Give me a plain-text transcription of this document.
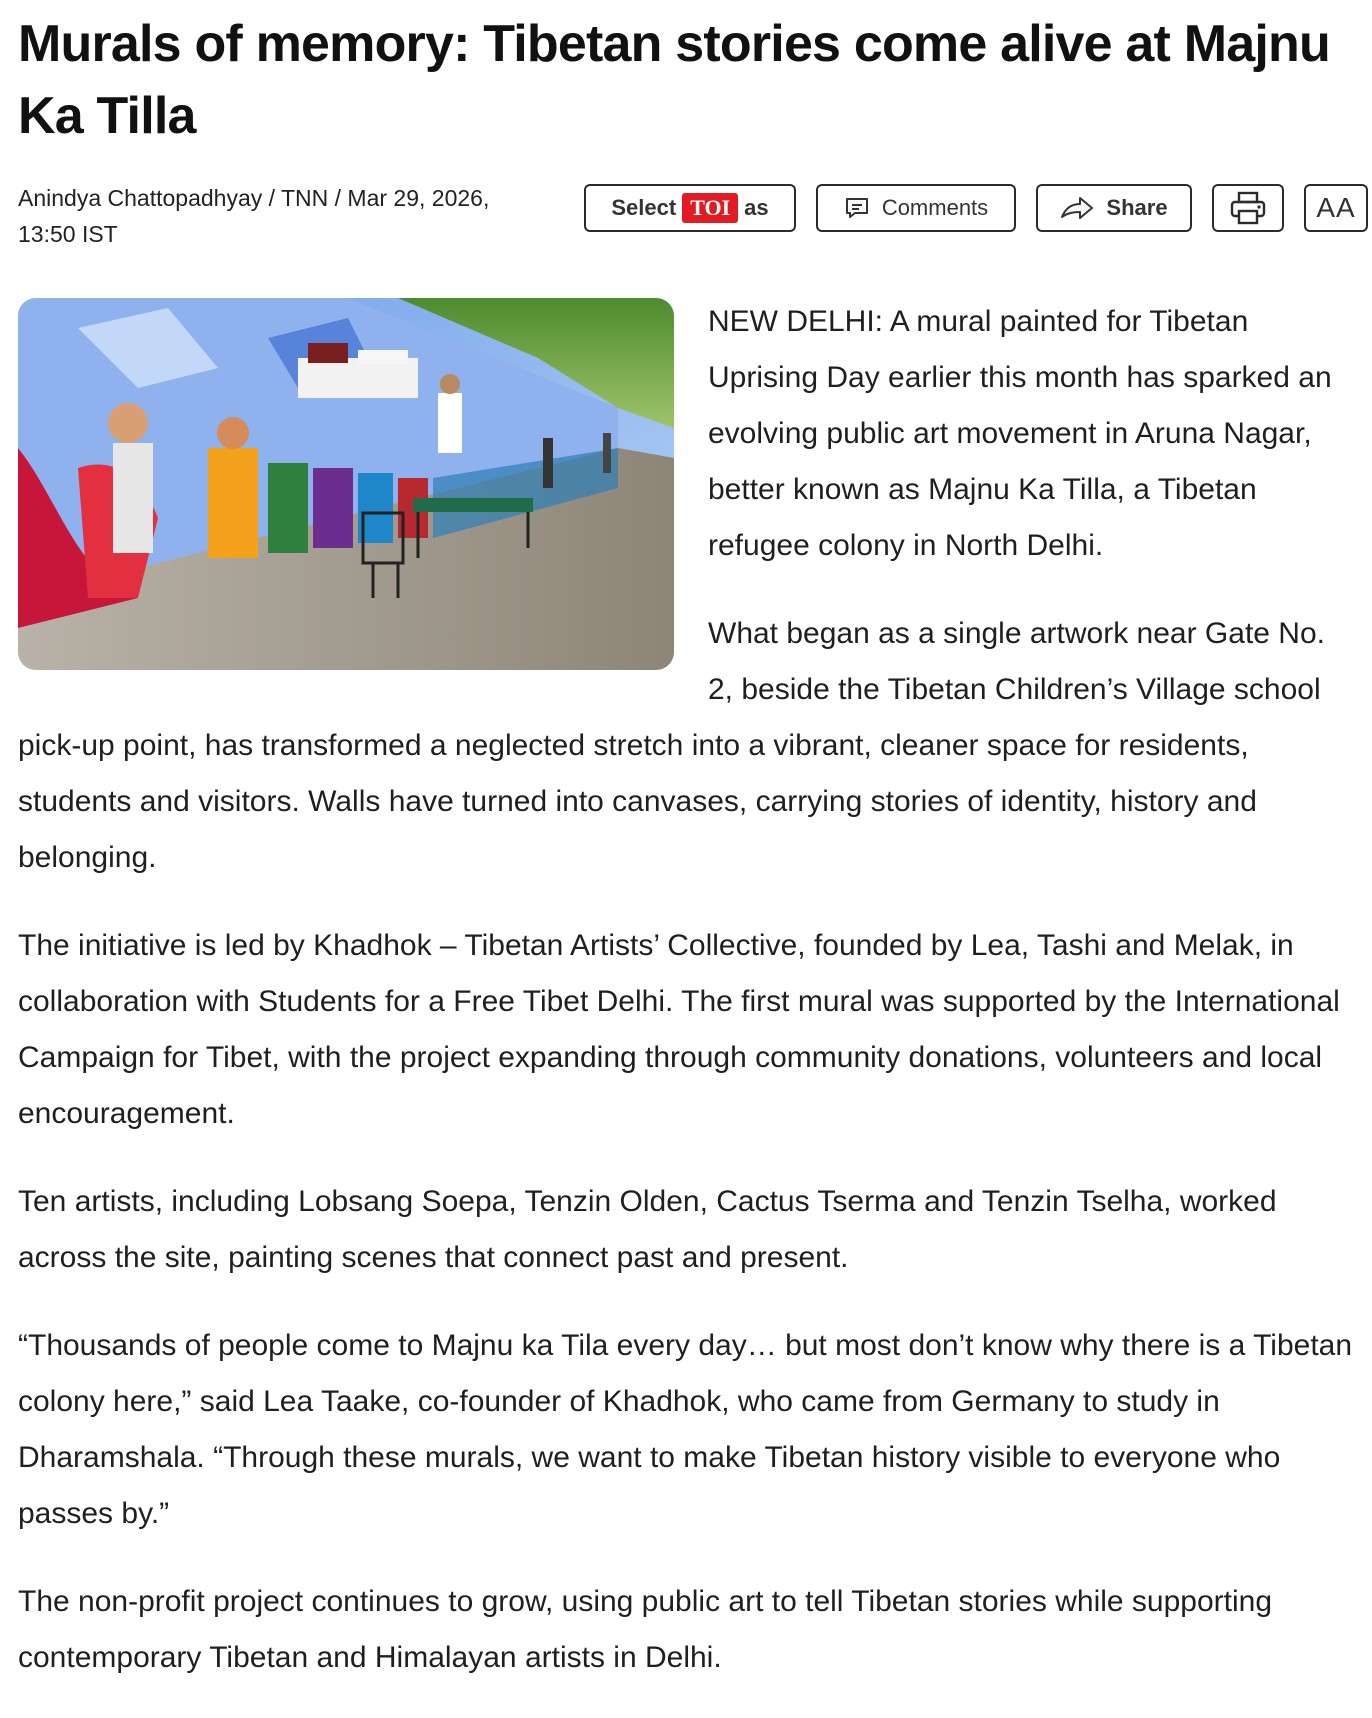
Murals of memory: Tibetan stories come alive at Majnu Ka Tilla
Anindya Chattopadhyay / TNN / Mar 29, 2026, 13:50 IST
Select TOI as	Comments	Share	AA

NEW DELHI: A mural painted for Tibetan Uprising Day earlier this month has sparked an evolving public art movement in Aruna Nagar, better known as Majnu Ka Tilla, a Tibetan refugee colony in North Delhi.

What began as a single artwork near Gate No. 2, beside the Tibetan Children’s Village school pick-up point, has transformed a neglected stretch into a vibrant, cleaner space for residents, students and visitors. Walls have turned into canvases, carrying stories of identity, history and belonging.

The initiative is led by Khadhok – Tibetan Artists’ Collective, founded by Lea, Tashi and Melak, in collaboration with Students for a Free Tibet Delhi. The first mural was supported by the International Campaign for Tibet, with the project expanding through community donations, volunteers and local encouragement.

Ten artists, including Lobsang Soepa, Tenzin Olden, Cactus Tserma and Tenzin Tselha, worked across the site, painting scenes that connect past and present.

“Thousands of people come to Majnu ka Tila every day… but most don’t know why there is a Tibetan colony here,” said Lea Taake, co-founder of Khadhok, who came from Germany to study in Dharamshala. “Through these murals, we want to make Tibetan history visible to everyone who passes by.”

The non-profit project continues to grow, using public art to tell Tibetan stories while supporting contemporary Tibetan and Himalayan artists in Delhi.
